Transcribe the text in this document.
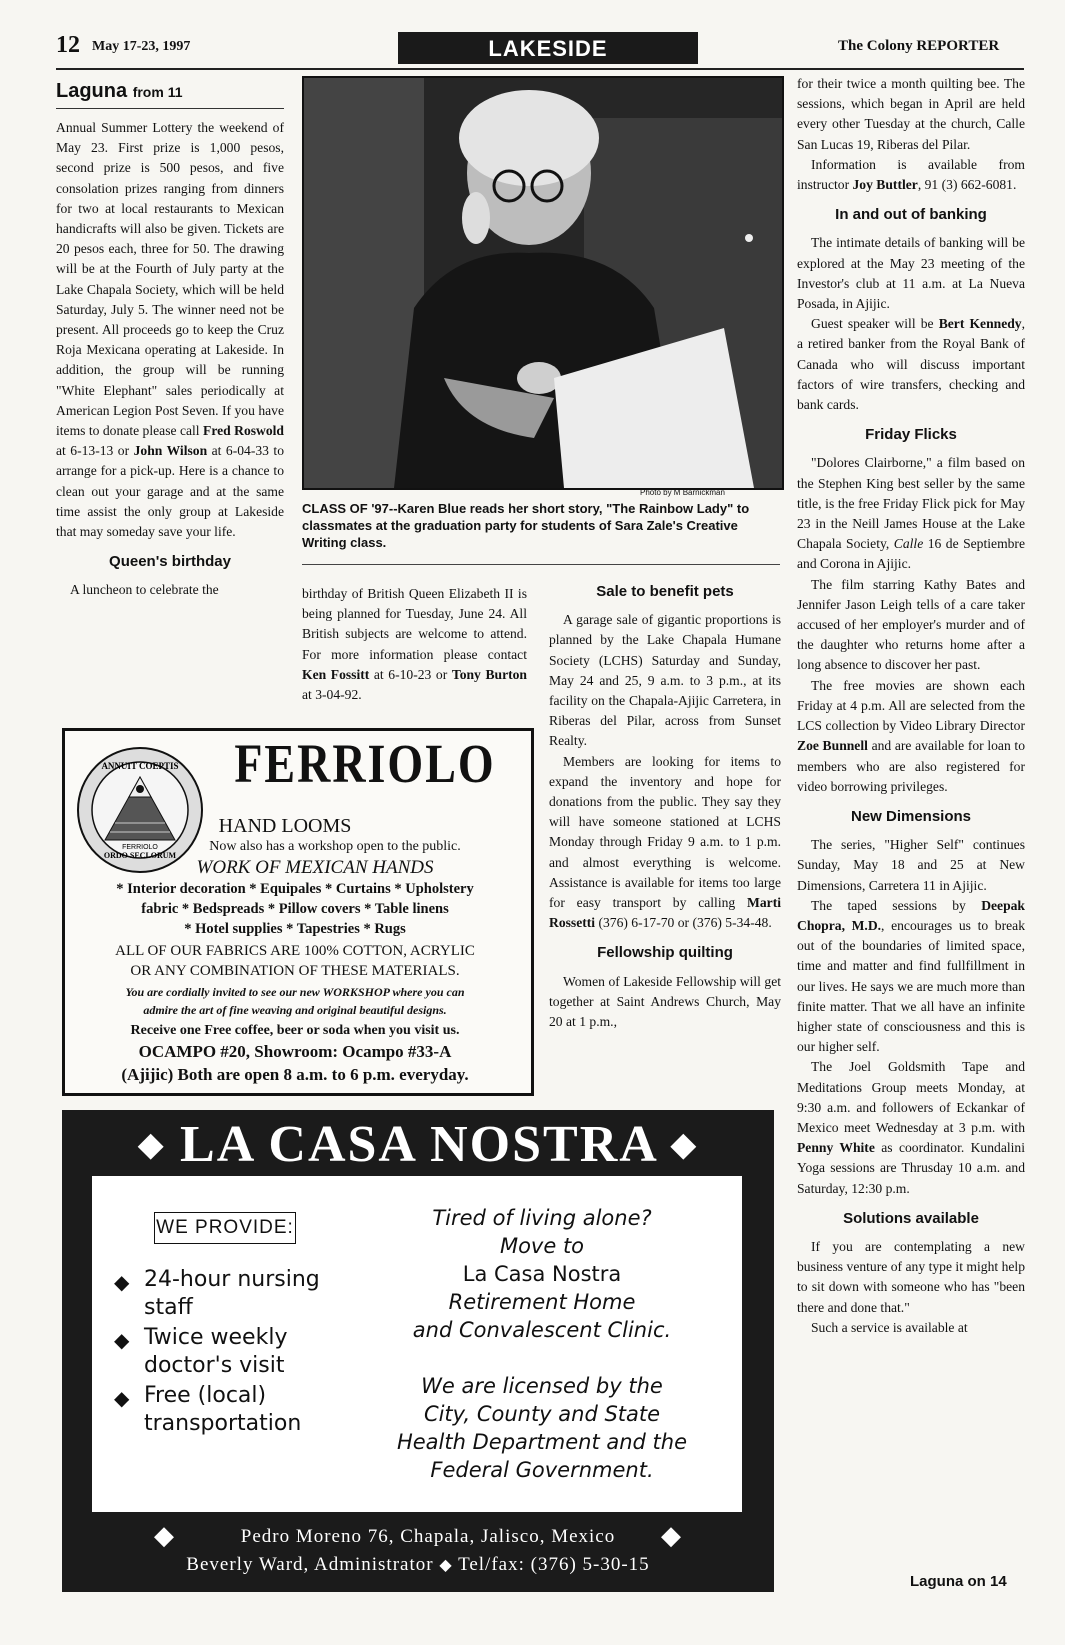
12 May 17-23, 1997	LAKESIDE	The Colony REPORTER
Laguna from 11

Annual Summer Lottery the weekend of May 23. First prize is 1,000 pesos, second prize is 500 pesos, and five consolation prizes ranging from dinners for two at local restaurants to Mexican handicrafts will also be given. Tickets are 20 pesos each, three for 50. The drawing will be at the Fourth of July party at the Lake Chapala Society, which will be held Saturday, July 5. The winner need not be present. All proceeds go to keep the Cruz Roja Mexicana operating at Lakeside. In addition, the group will be running "White Elephant" sales periodically at American Legion Post Seven. If you have items to donate please call Fred Roswold at 6-13-13 or John Wilson at 6-04-33 to arrange for a pick-up. Here is a chance to clean out your garage and at the same time assist the only group at Lakeside that may someday save your life.

Queen's birthday

A luncheon to celebrate the

Photo by M Barnickman
CLASS OF '97--Karen Blue reads her short story, "The Rainbow Lady" to classmates at the graduation party for students of Sara Zale's Creative Writing class.

birthday of British Queen Elizabeth II is being planned for Tuesday, June 24. All British subjects are welcome to attend. For more information please contact Ken Fossitt at 6-10-23 or Tony Burton at 3-04-92.

Sale to benefit pets

A garage sale of gigantic proportions is planned by the Lake Chapala Humane Society (LCHS) Saturday and Sunday, May 24 and 25, 9 a.m. to 3 p.m., at its facility on the Chapala-Ajijic Carretera, in Riberas del Pilar, across from Sunset Realty.

Members are looking for items to expand the inventory and hope for donations from the public. They say they will have someone stationed at LCHS Monday through Friday 9 a.m. to 1 p.m. and almost everything is welcome. Assistance is available for items too large for easy transport by calling Marti Rossetti (376) 6-17-70 or (376) 5-34-48.

Fellowship quilting

Women of Lakeside Fellowship will get together at Saint Andrews Church, May 20 at 1 p.m.,

for their twice a month quilting bee. The sessions, which began in April are held every other Tuesday at the church, Calle San Lucas 19, Riberas del Pilar.

Information is available from instructor Joy Buttler, 91 (3) 662-6081.

In and out of banking

The intimate details of banking will be explored at the May 23 meeting of the Investor's club at 11 a.m. at La Nueva Posada, in Ajijic.

Guest speaker will be Bert Kennedy, a retired banker from the Royal Bank of Canada who will discuss important factors of wire transfers, checking and bank cards.

Friday Flicks

"Dolores Clairborne," a film based on the Stephen King best seller by the same title, is the free Friday Flick pick for May 23 in the Neill James House at the Lake Chapala Society, Calle 16 de Septiembre and Corona in Ajijic.

The film starring Kathy Bates and Jennifer Jason Leigh tells of a care taker accused of her employer's murder and of the daughter who returns home after a long absence to discover her past.

The free movies are shown each Friday at 4 p.m. All are selected from the LCS collection by Video Library Director Zoe Bunnell and are available for loan to members who are also registered for video borrowing privileges.

New Dimensions

The series, "Higher Self" continues Sunday, May 18 and 25 at New Dimensions, Carretera 11 in Ajijic.

The taped sessions by Deepak Chopra, M.D., encourages us to break out of the boundaries of limited space, time and matter and find fullfillment in our lives. He says we are much more than finite matter. That we all have an infinite higher state of consciousness and this is our higher self.

The Joel Goldsmith Tape and Meditations Group meets Monday, at 9:30 a.m. and followers of Eckankar of Mexico meet Wednesday at 3 p.m. with Penny White as coordinator. Kundalini Yoga sessions are Thrusday 10 a.m. and Saturday, 12:30 p.m.

Solutions available

If you are contemplating a new business venture of any type it might help to sit down with someone who has "been there and done that."

Such a service is available at

Laguna on 14
ANNUIT COEPTIS
ORDO SECLORUM
FERRIOLO
FERRIOLO
HAND LOOMS
Now also has a workshop open to the public.
WORK OF MEXICAN HANDS
* Interior decoration * Equipales * Curtains * Upholstery
fabric * Bedspreads * Pillow covers * Table linens
* Hotel supplies * Tapestries * Rugs
ALL OF OUR FABRICS ARE 100% COTTON, ACRYLIC
OR ANY COMBINATION OF THESE MATERIALS.
You are cordially invited to see our new WORKSHOP where you can
admire the art of fine weaving and original beautiful designs.
Receive one Free coffee, beer or soda when you visit us.
OCAMPO #20, Showroom: Ocampo #33-A
(Ajijic) Both are open 8 a.m. to 6 p.m. everyday.
◆ LA CASA NOSTRA ◆
WE PROVIDE:
◆ 24-hour nursing staff
◆ Twice weekly doctor's visit
◆ Free (local) transportation
Tired of living alone?
Move to
La Casa Nostra
Retirement Home
and Convalescent Clinic.
We are licensed by the
City, County and State
Health Department and the
Federal Government.
◆	Pedro Moreno 76, Chapala, Jalisco, Mexico ◆
Beverly Ward, Administrator ◆ Tel/fax: (376) 5-30-15
